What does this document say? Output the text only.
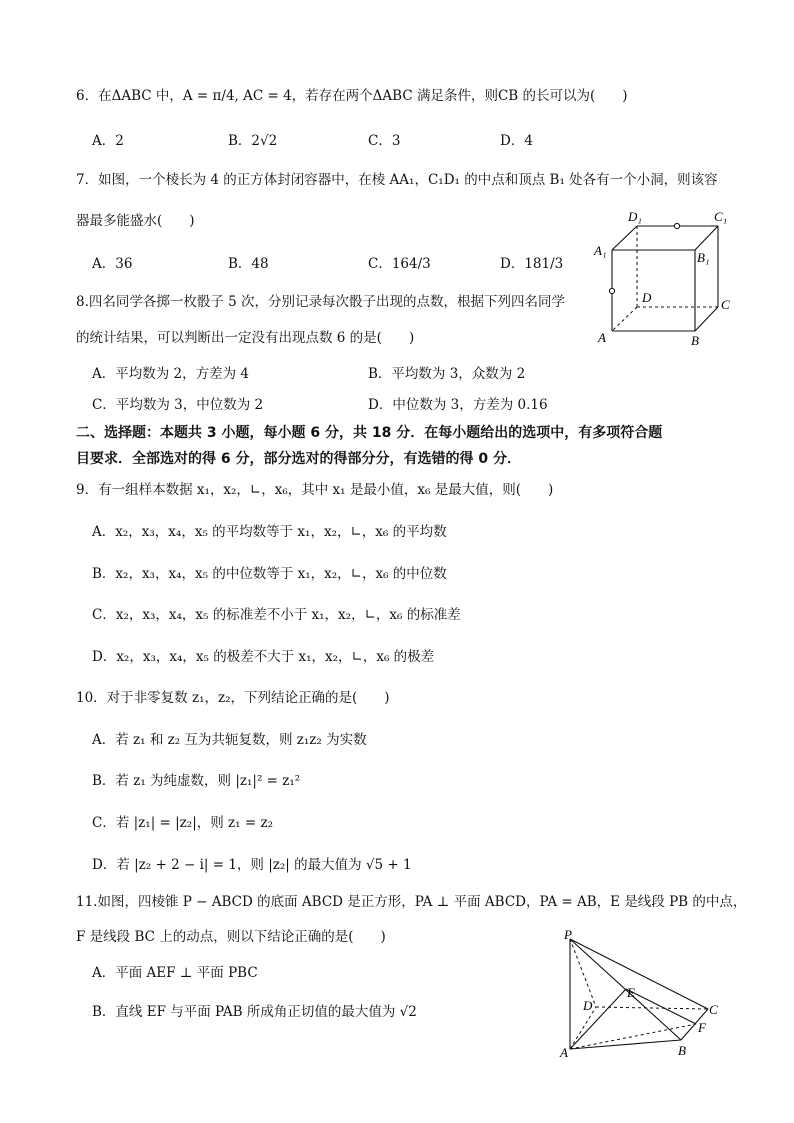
6．在ΔABC 中，A = π/4, AC = 4，若存在两个ΔABC 满足条件，则CB 的长可以为(　　)
A．2	B．2√2	C．3	D．4
7．如图，一个棱长为 4 的正方体封闭容器中，在棱 AA₁，C₁D₁ 的中点和顶点 B₁ 处各有一个小洞，则该容
器最多能盛水(　　)
A．36	B．48	C．164/3	D．181/3
D₁	C₁
A₁	B₁
D	C
A	B
8.四名同学各掷一枚骰子 5 次，分别记录每次骰子出现的点数，根据下列四名同学
的统计结果，可以判断出一定没有出现点数 6 的是(　　)
A．平均数为 2，方差为 4	B．平均数为 3，众数为 2
C．平均数为 3，中位数为 2	D．中位数为 3，方差为 0.16
二、选择题：本题共 3 小题，每小题 6 分，共 18 分．在每小题给出的选项中，有多项符合题
目要求．全部选对的得 6 分，部分选对的得部分分，有选错的得 0 分．
9．有一组样本数据 x₁，x₂，∟，x₆，其中 x₁ 是最小值，x₆ 是最大值，则(　　)
A．x₂，x₃，x₄，x₅ 的平均数等于 x₁，x₂，∟，x₆ 的平均数
B．x₂，x₃，x₄，x₅ 的中位数等于 x₁，x₂，∟，x₆ 的中位数
C．x₂，x₃，x₄，x₅ 的标准差不小于 x₁，x₂，∟，x₆ 的标准差
D．x₂，x₃，x₄，x₅ 的极差不大于 x₁，x₂，∟，x₆ 的极差
10．对于非零复数 z₁，z₂，下列结论正确的是(　　)
A．若 z₁ 和 z₂ 互为共轭复数，则 z₁z₂ 为实数
B．若 z₁ 为纯虚数，则 |z₁|² = z₁²
C．若 |z₁| = |z₂|，则 z₁ = z₂
D．若 |z₂ + 2 − i| = 1，则 |z₂| 的最大值为 √5 + 1
11.如图，四棱锥 P − ABCD 的底面 ABCD 是正方形，PA ⊥ 平面 ABCD，PA = AB，E 是线段 PB 的中点，
F 是线段 BC 上的动点，则以下结论正确的是(　　)
A．平面 AEF ⊥ 平面 PBC
B．直线 EF 与平面 PAB 所成角正切值的最大值为 √2
P
D
E
C
F
A	B
